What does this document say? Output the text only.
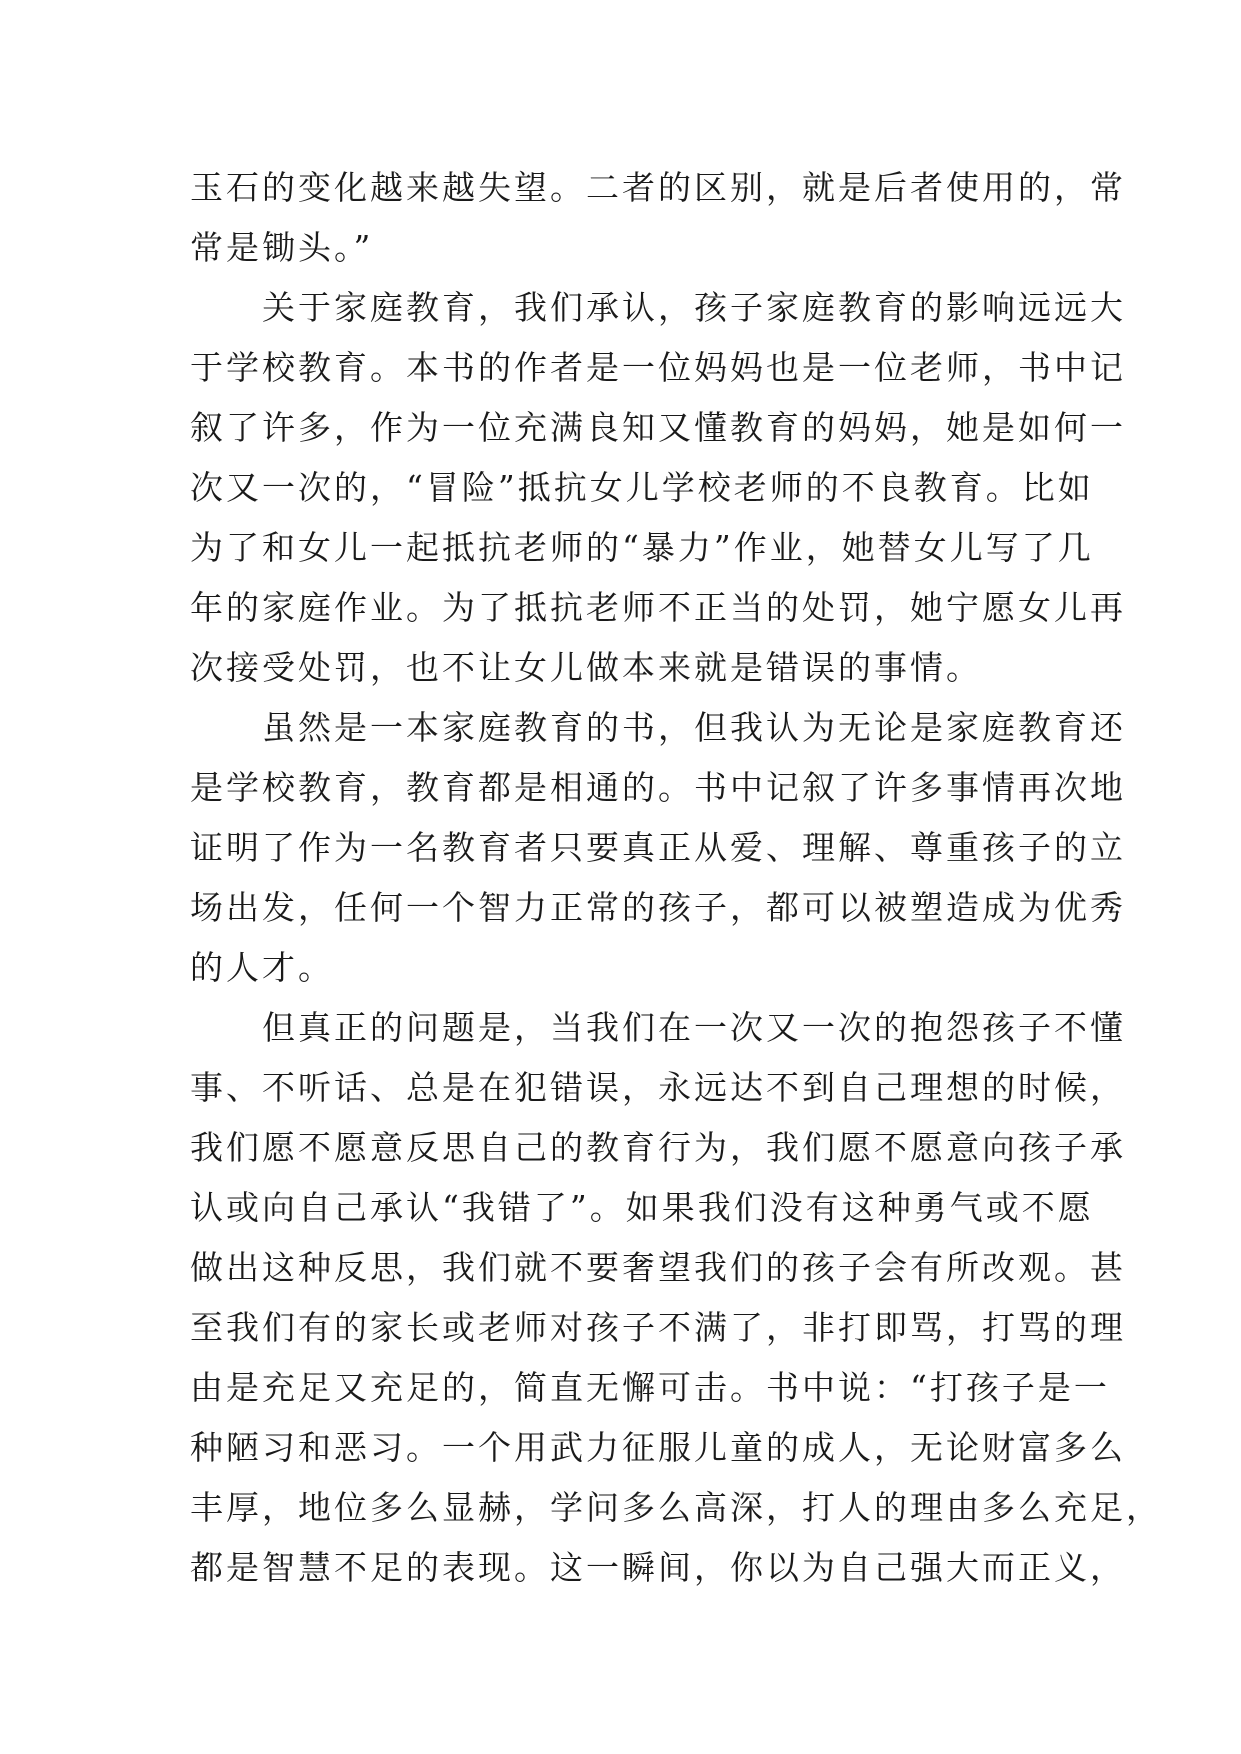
玉石的变化越来越失望。二者的区别，就是后者使用的，常
常是锄头。”
关于家庭教育，我们承认，孩子家庭教育的影响远远大
于学校教育。本书的作者是一位妈妈也是一位老师，书中记
叙了许多，作为一位充满良知又懂教育的妈妈，她是如何一
次又一次的，“冒险”抵抗女儿学校老师的不良教育。比如
为了和女儿一起抵抗老师的“暴力”作业，她替女儿写了几
年的家庭作业。为了抵抗老师不正当的处罚，她宁愿女儿再
次接受处罚，也不让女儿做本来就是错误的事情。
虽然是一本家庭教育的书，但我认为无论是家庭教育还
是学校教育，教育都是相通的。书中记叙了许多事情再次地
证明了作为一名教育者只要真正从爱、理解、尊重孩子的立
场出发，任何一个智力正常的孩子，都可以被塑造成为优秀
的人才。
但真正的问题是，当我们在一次又一次的抱怨孩子不懂
事、不听话、总是在犯错误，永远达不到自己理想的时候，
我们愿不愿意反思自己的教育行为，我们愿不愿意向孩子承
认或向自己承认“我错了”。如果我们没有这种勇气或不愿
做出这种反思，我们就不要奢望我们的孩子会有所改观。甚
至我们有的家长或老师对孩子不满了，非打即骂，打骂的理
由是充足又充足的，简直无懈可击。书中说：“打孩子是一
种陋习和恶习。一个用武力征服儿童的成人，无论财富多么
丰厚，地位多么显赫，学问多么高深，打人的理由多么充足，
都是智慧不足的表现。这一瞬间，你以为自己强大而正义，
